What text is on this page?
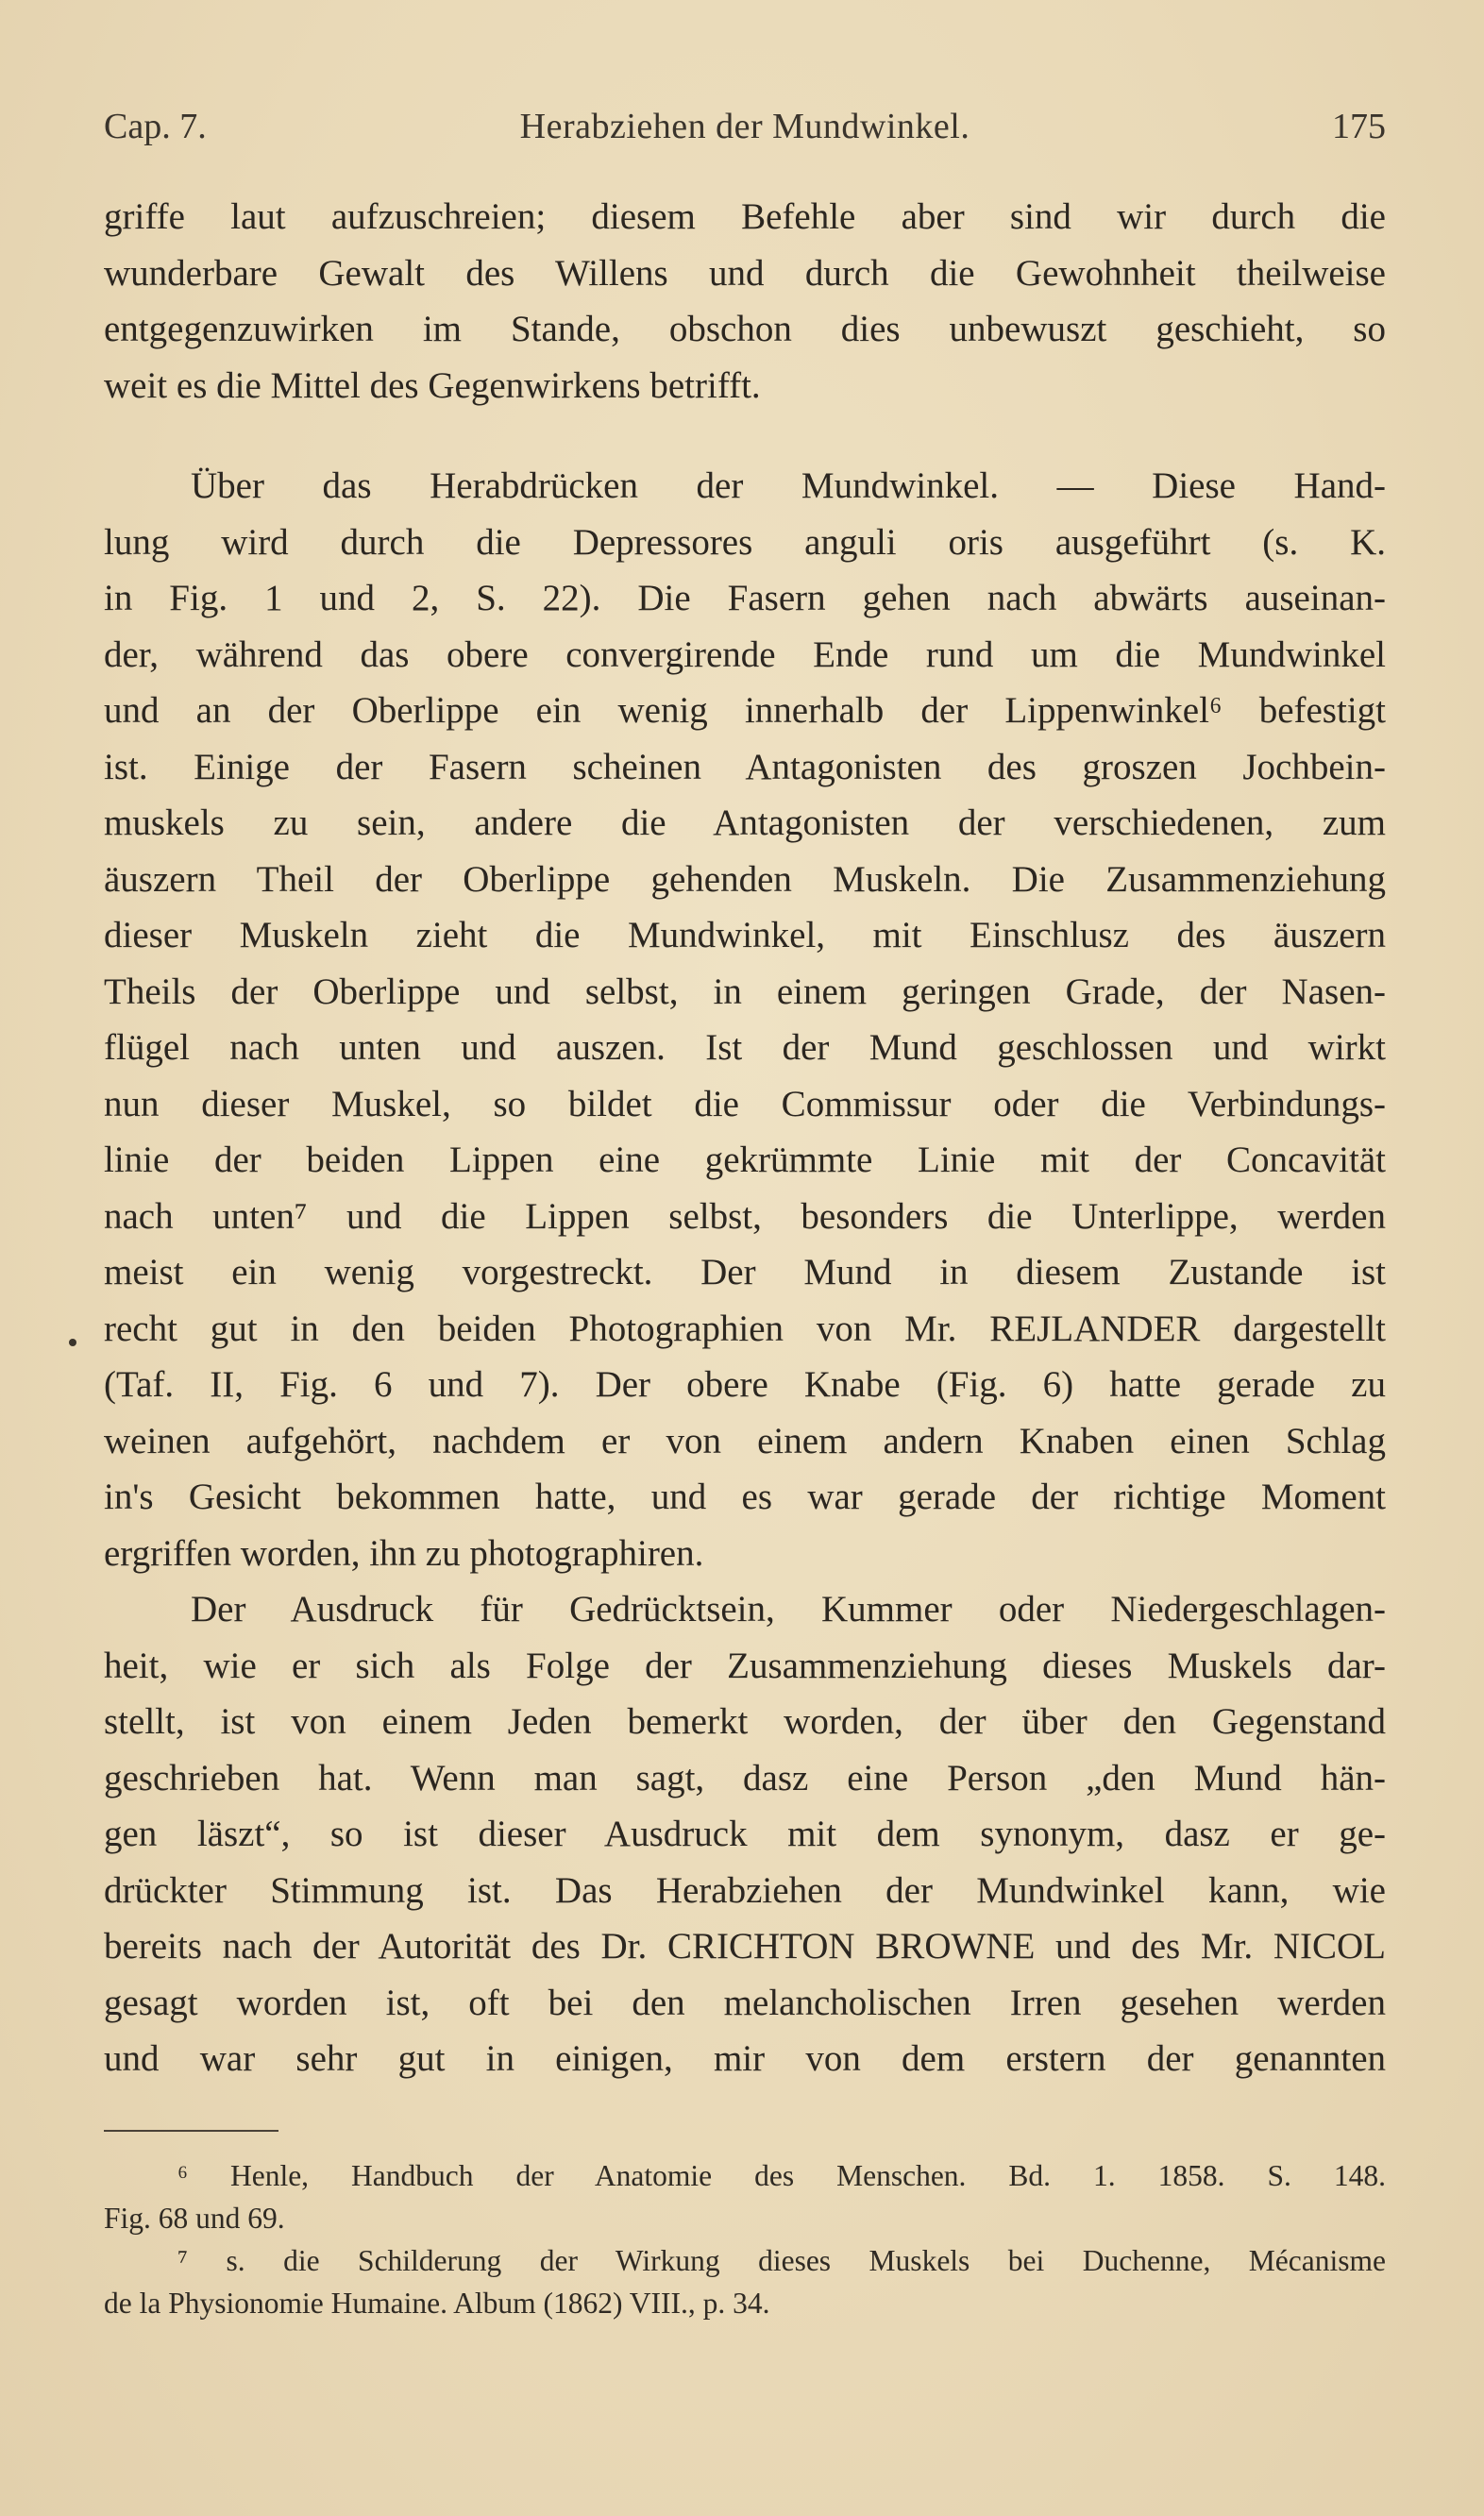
Cap. 7.	Herabziehen der Mundwinkel.	175
griffe laut aufzuschreien; diesem Befehle aber sind wir durch die
wunderbare Gewalt des Willens und durch die Gewohnheit theilweise
entgegenzuwirken im Stande, obschon dies unbewuszt geschieht, so
weit es die Mittel des Gegenwirkens betrifft.
Über das Herabdrücken der Mundwinkel. — Diese Hand-
lung wird durch die Depressores anguli oris ausgeführt (s. K.
in Fig. 1 und 2, S. 22). Die Fasern gehen nach abwärts auseinan-
der, während das obere convergirende Ende rund um die Mundwinkel
und an der Oberlippe ein wenig innerhalb der Lippenwinkel⁶ befestigt
ist. Einige der Fasern scheinen Antagonisten des groszen Jochbein-
muskels zu sein, andere die Antagonisten der verschiedenen, zum
äuszern Theil der Oberlippe gehenden Muskeln. Die Zusammenziehung
dieser Muskeln zieht die Mundwinkel, mit Einschlusz des äuszern
Theils der Oberlippe und selbst, in einem geringen Grade, der Nasen-
flügel nach unten und auszen. Ist der Mund geschlossen und wirkt
nun dieser Muskel, so bildet die Commissur oder die Verbindungs-
linie der beiden Lippen eine gekrümmte Linie mit der Concavität
nach unten⁷ und die Lippen selbst, besonders die Unterlippe, werden
meist ein wenig vorgestreckt. Der Mund in diesem Zustande ist
recht gut in den beiden Photographien von Mr. REJLANDER dargestellt
(Taf. II, Fig. 6 und 7). Der obere Knabe (Fig. 6) hatte gerade zu
weinen aufgehört, nachdem er von einem andern Knaben einen Schlag
in's Gesicht bekommen hatte, und es war gerade der richtige Moment
ergriffen worden, ihn zu photographiren.
Der Ausdruck für Gedrücktsein, Kummer oder Niedergeschlagen-
heit, wie er sich als Folge der Zusammenziehung dieses Muskels dar-
stellt, ist von einem Jeden bemerkt worden, der über den Gegenstand
geschrieben hat. Wenn man sagt, dasz eine Person „den Mund hän-
gen läszt“, so ist dieser Ausdruck mit dem synonym, dasz er ge-
drückter Stimmung ist. Das Herabziehen der Mundwinkel kann, wie
bereits nach der Autorität des Dr. CRICHTON BROWNE und des Mr. NICOL
gesagt worden ist, oft bei den melancholischen Irren gesehen werden
und war sehr gut in einigen, mir von dem erstern der genannten
⁶ Henle, Handbuch der Anatomie des Menschen. Bd. 1. 1858. S. 148.
Fig. 68 und 69.
⁷ s. die Schilderung der Wirkung dieses Muskels bei Duchenne, Mécanisme
de la Physionomie Humaine. Album (1862) VIII., p. 34.
